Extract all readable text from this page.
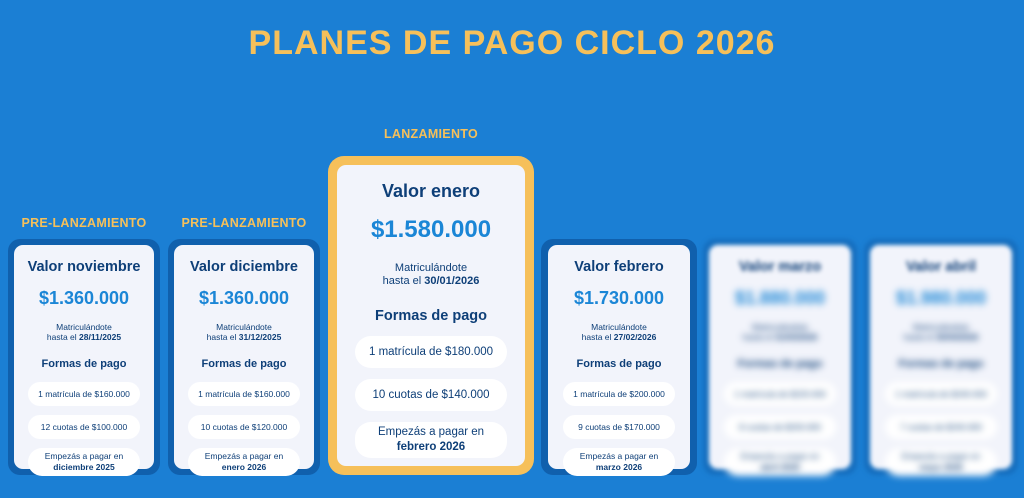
PLANES DE PAGO CICLO 2026
PRE-LANZAMIENTO	PRE-LANZAMIENTO
LANZAMIENTO
Valor noviembre
$1.360.000
Matriculándote
hasta el 28/11/2025
Formas de pago
1 matrícula de $160.000
12 cuotas de $100.000
Empezás a pagar en
diciembre 2025
Valor diciembre
$1.360.000
Matriculándote
hasta el 31/12/2025
Formas de pago
1 matrícula de $160.000
10 cuotas de $120.000
Empezás a pagar en
enero 2026
Valor enero
$1.580.000
Matriculándote
hasta el 30/01/2026
Formas de pago
1 matrícula de $180.000
10 cuotas de $140.000
Empezás a pagar en
febrero 2026
Valor febrero
$1.730.000
Matriculándote
hasta el 27/02/2026
Formas de pago
1 matrícula de $200.000
9 cuotas de $170.000
Empezás a pagar en
marzo 2026
Valor marzo
$1.880.000
Matriculándote
hasta el 31/03/2026
Formas de pago
1 matrícula de $220.000
8 cuotas de $200.000
Empezás a pagar en
abril 2026
Valor abril
$1.980.000
Matriculándote
hasta el 30/04/2026
Formas de pago
1 matrícula de $240.000
7 cuotas de $240.000
Empezás a pagar en
mayo 2026
